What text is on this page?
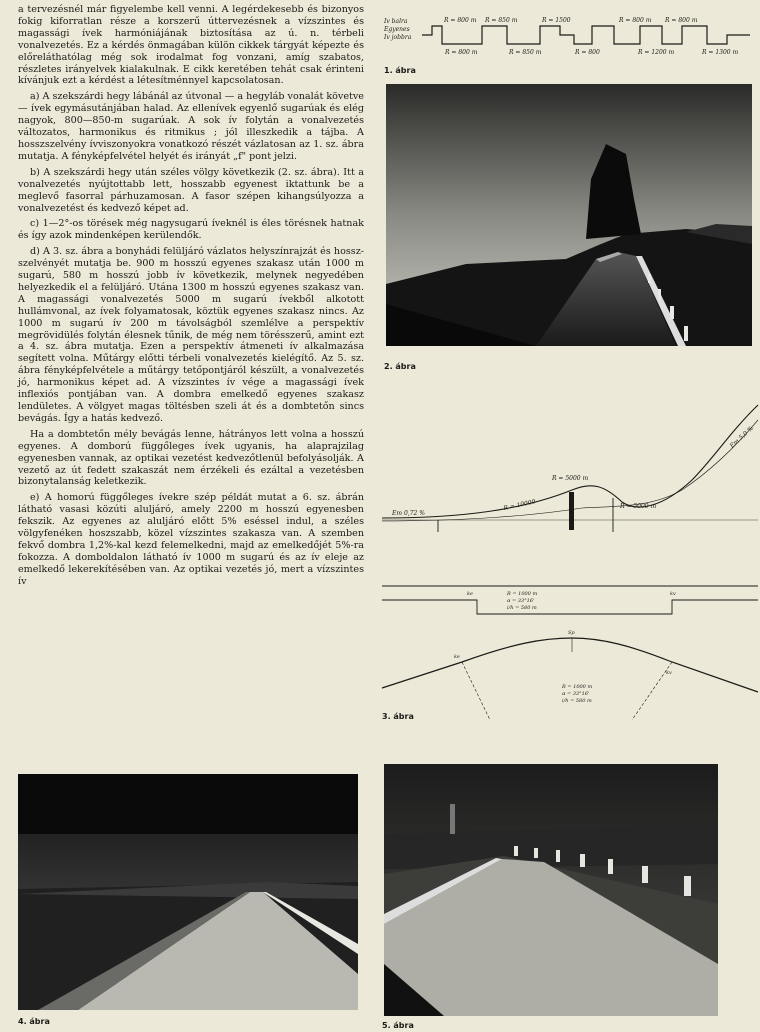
a tervezésnél már figyelembe kell venni. A legérdekesebb és bizonyos fokig kiforratlan része a korszerű úttervezésnek a vízszintes és magassági ívek harmóniájának biztosítása az ú. n. térbeli vonalvezetés. Ez a kérdés önmagában külön cikkek tárgyát képezte és előreláthatólag még sok irodalmat fog vonzani, amíg szabatos, részletes irányelvek kialakulnak. E cikk keretében tehát csak érinteni kívánjuk ezt a kérdést a létesítménnyel kapcsolatosan.

a) A szekszárdi hegy lábánál az útvonal — a hegyláb vonalát követve — ívek egymásutánjában halad. Az ellenívek egyenlő sugarúak és elég nagyok, 800—850-m sugarúak. A sok ív folytán a vonalvezetés változatos, harmonikus és ritmikus ; jól illeszkedik a tájba. A hosszszelvény ívviszonyokra vonatkozó részét vázlatosan az 1. sz. ábra mutatja. A fényképfelvétel helyét és irányát „f" pont jelzi.

b) A szekszárdi hegy után széles völgy következik (2. sz. ábra). Itt a vonalvezetés nyújtottabb lett, hosszabb egyenest iktattunk be a meglevő fasorral párhuzamosan. A fasor szépen kihangsúlyozza a vonalvezetést és kedvező képet ad.

c) 1—2°-os törések még nagysugarú íveknél is éles törésnek hatnak és így azok mindenképen kerülendők.

d) A 3. sz. ábra a bonyhádi felüljáró vázlatos helyszínrajzát és hossz-szelvényét mutatja be. 900 m hosszú egyenes szakasz után 1000 m sugarú, 580 m hosszú jobb ív következik, melynek negyedében helyezkedik el a felüljáró. Utána 1300 m hosszú egyenes szakasz van. A magassági vonalvezetés 5000 m sugarú ívekből alkotott hullámvonal, az ívek folyamatosak, köztük egyenes szakasz nincs. Az 1000 m sugarú ív 200 m távolságból szemlélve a perspektív megrövidülés folytán élesnek tűnik, de még nem törésszerű, amint ezt a 4. sz. ábra mutatja. Ezen a perspektív átmeneti ív alkalmazása segített volna. Műtárgy előtti térbeli vonalvezetés kielégítő. Az 5. sz. ábra fényképfelvétele a műtárgy tetőpontjáról készült, a vonalvezetés jó, harmonikus képet ad. A vízszintes ív vége a magassági ívek inflexiós pontjában van. A dombra emelkedő egyenes szakasz lendületes. A völgyet magas töltésben szeli át és a dombtetőn sincs bevágás. Így a hatás kedvező.

Ha a dombtetőn mély bevágás lenne, hátrányos lett volna a hosszú egyenes. A domború függőleges ívek ugyanis, ha alaprajzilag egyenesben vannak, az optikai vezetést kedvezőtlenül befolyásolják. A vezető az út fedett szakaszát nem érzékeli és ezáltal a vezetésben bizonytalanság keletkezik.

e) A homorú függőleges ívekre szép példát mutat a 6. sz. ábrán látható vasasi közúti aluljáró, amely 2200 m hosszú egyenesben fekszik. Az egyenes az aluljáró előtt 5% eséssel indul, a széles völgyfenéken hoszszabb, közel vízszintes szakasza van. A szemben fekvő dombra 1,2%-kal kezd felemelkedni, majd az emelkedőjét 5%-ra fokozza. A domboldalon látható ív 1000 m sugarú és az ív eleje az emelkedő lekerekítésében van. Az optikai vezetés jó, mert a vízszintes ív

Iv balra
Egyenes
Iv jobbra
R = 800 m R = 850 m	R = 1500	R = 800 m R = 800 m
R = 800 m	R = 850 m	R = 800	R = 1200 m	R = 1300 m
1. ábra
2. ábra
Em 0,72 %
R = 10000
R = 5000 m
R = 5000 m
Em 5,0 %
ke	kv
R = 1000 m
α = 33°16'
i/h = 580 m
Sp
ke
kv
R = 1000 m
α = 33°16'
i/h = 580 m
3. ábra
4. ábra	5. ábra
